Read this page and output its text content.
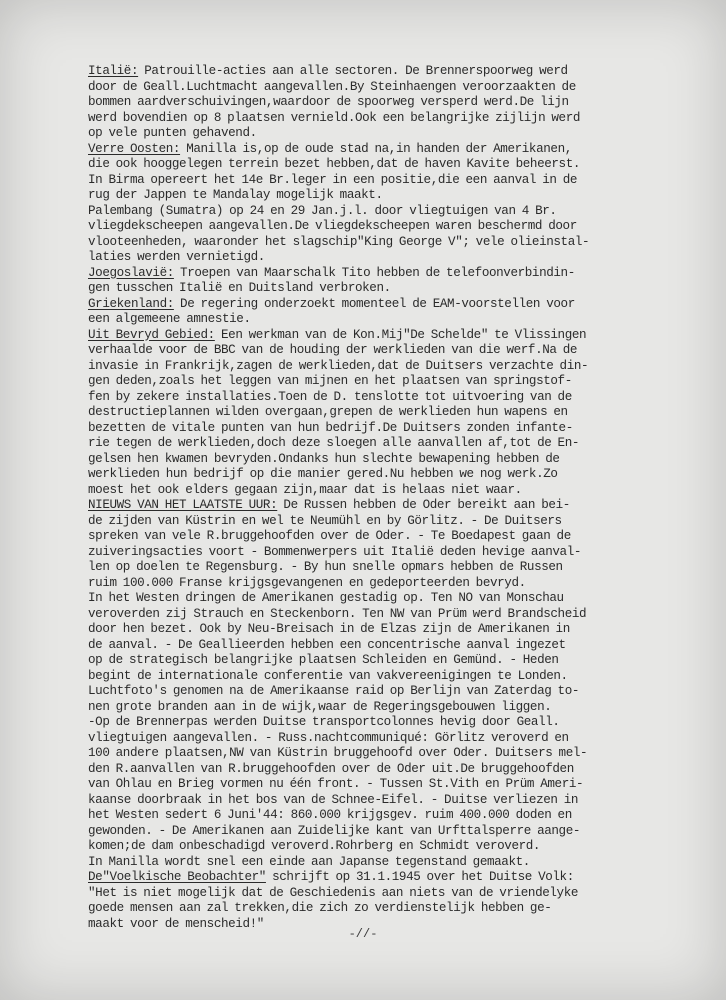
Italië: Patrouille-acties aan alle sectoren. De Brennerspoorweg werd
door de Geall.Luchtmacht aangevallen.By Steinhaengen veroorzaakten de
bommen aardverschuivingen,waardoor de spoorweg versperd werd.De lijn
werd bovendien op 8 plaatsen vernield.Ook een belangrijke zijlijn werd
op vele punten gehavend.
Verre Oosten: Manilla is,op de oude stad na,in handen der Amerikanen,
die ook hooggelegen terrein bezet hebben,dat de haven Kavite beheerst.
In Birma opereert het 14e Br.leger in een positie,die een aanval in de
rug der Jappen te Mandalay mogelijk maakt.
Palembang (Sumatra) op 24 en 29 Jan.j.l. door vliegtuigen van 4 Br.
vliegdekscheepen aangevallen.De vliegdekscheepen waren beschermd door
vlooteenheden, waaronder het slagschip"King George V"; vele olieinstal-
laties werden vernietigd.
Joegoslavië: Troepen van Maarschalk Tito hebben de telefoonverbindin-
gen tusschen Italië en Duitsland verbroken.
Griekenland: De regering onderzoekt momenteel de EAM-voorstellen voor
een algemeene amnestie.
Uit Bevryd Gebied: Een werkman van de Kon.Mij"De Schelde" te Vlissingen
verhaalde voor de BBC van de houding der werklieden van die werf.Na de
invasie in Frankrijk,zagen de werklieden,dat de Duitsers verzachte din-
gen deden,zoals het leggen van mijnen en het plaatsen van springstof-
fen by zekere installaties.Toen de D. tenslotte tot uitvoering van de
destructieplannen wilden overgaan,grepen de werklieden hun wapens en
bezetten de vitale punten van hun bedrijf.De Duitsers zonden infante-
rie tegen de werklieden,doch deze sloegen alle aanvallen af,tot de En-
gelsen hen kwamen bevryden.Ondanks hun slechte bewapening hebben de
werklieden hun bedrijf op die manier gered.Nu hebben we nog werk.Zo
moest het ook elders gegaan zijn,maar dat is helaas niet waar.
NIEUWS VAN HET LAATSTE UUR: De Russen hebben de Oder bereikt aan bei-
de zijden van Küstrin en wel te Neumühl en by Görlitz. - De Duitsers
spreken van vele R.bruggehoofden over de Oder. - Te Boedapest gaan de
zuiveringsacties voort - Bommenwerpers uit Italië deden hevige aanval-
len op doelen te Regensburg. - By hun snelle opmars hebben de Russen
ruim 100.000 Franse krijgsgevangenen en gedeporteerden bevryd.
In het Westen dringen de Amerikanen gestadig op. Ten NO van Monschau
veroverden zij Strauch en Steckenborn. Ten NW van Prüm werd Brandscheid
door hen bezet. Ook by Neu-Breisach in de Elzas zijn de Amerikanen in
de aanval. - De Geallieerden hebben een concentrische aanval ingezet
op de strategisch belangrijke plaatsen Schleiden en Gemünd. - Heden
begint de internationale conferentie van vakvereenigingen te Londen.
Luchtfoto's genomen na de Amerikaanse raid op Berlijn van Zaterdag to-
nen grote branden aan in de wijk,waar de Regeringsgebouwen liggen.
-Op de Brennerpas werden Duitse transportcolonnes hevig door Geall.
vliegtuigen aangevallen. - Russ.nachtcommuniqué: Görlitz veroverd en
100 andere plaatsen,NW van Küstrin bruggehoofd over Oder. Duitsers mel-
den R.aanvallen van R.bruggehoofden over de Oder uit.De bruggehoofden
van Ohlau en Brieg vormen nu één front. - Tussen St.Vith en Prüm Ameri-
kaanse doorbraak in het bos van de Schnee-Eifel. - Duitse verliezen in
het Westen sedert 6 Juni'44: 860.000 krijgsgev. ruim 400.000 doden en
gewonden. - De Amerikanen aan Zuidelijke kant van Urfttalsperre aange-
komen;de dam onbeschadigd veroverd.Rohrberg en Schmidt veroverd.
In Manilla wordt snel een einde aan Japanse tegenstand gemaakt.
De"Voelkische Beobachter" schrijft op 31.1.1945 over het Duitse Volk:
"Het is niet mogelijk dat de Geschiedenis aan niets van de vriendelyke
goede mensen aan zal trekken,die zich zo verdienstelijk hebben ge-
maakt voor de menscheid!"
-//-
